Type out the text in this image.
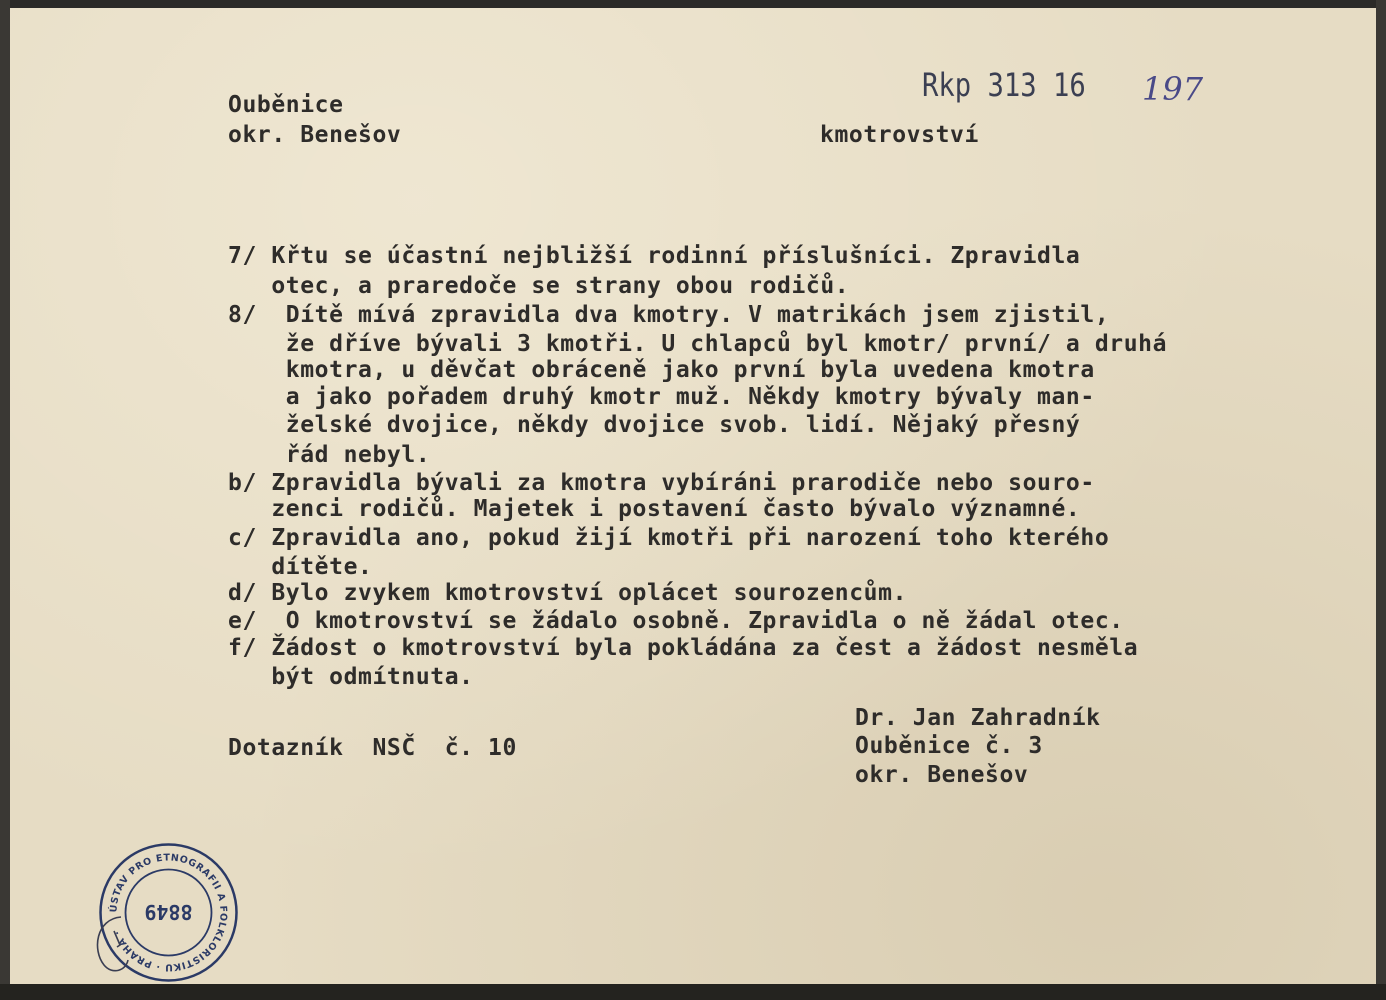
Rkp 313 16 197
Ouběnice
okr. Benešov	kmotrovství
7/ Křtu se účastní nejbližší rodinní příslušníci. Zpravidla
otec, a praredoče se strany obou rodičů.
8/  Dítě mívá zpravidla dva kmotry. V matrikách jsem zjistil,
že dříve bývali 3 kmotři. U chlapců byl kmotr/ první/ a druhá
kmotra, u děvčat obráceně jako první byla uvedena kmotra
a jako pořadem druhý kmotr muž. Někdy kmotry bývaly man-
želské dvojice, někdy dvojice svob. lidí. Nějaký přesný
řád nebyl.
b/ Zpravidla bývali za kmotra vybíráni prarodiče nebo souro-
zenci rodičů. Majetek i postavení často bývalo významné.
c/ Zpravidla ano, pokud žijí kmotři při narození toho kterého
dítěte.
d/ Bylo zvykem kmotrovství oplácet sourozencům.
e/  O kmotrovství se žádalo osobně. Zpravidla o ně žádal otec.
f/ Žádost o kmotrovství byla pokládána za čest a žádost nesměla
být odmítnuta.
Dotazník  NSČ  č. 10
Dr. Jan Zahradník
Ouběnice č. 3
okr. Benešov
ÚSTAV PRO ETNOGRAFII A FOLKLORISTIKU · PRAHA ·
8849
